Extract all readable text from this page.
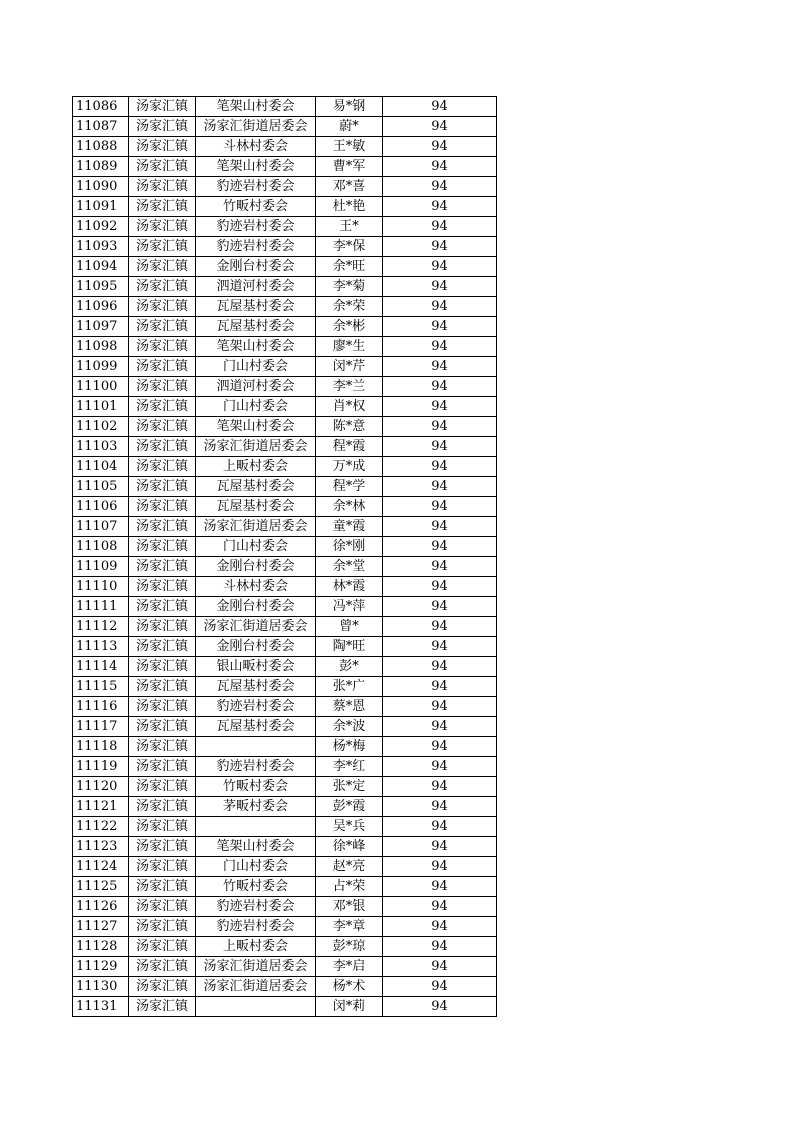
11086	汤家汇镇	笔架山村委会	易*钢	94
11087	汤家汇镇	汤家汇街道居委会	蔚*	94
11088	汤家汇镇	斗林村委会	王*敏	94
11089	汤家汇镇	笔架山村委会	曹*军	94
11090	汤家汇镇	豹迹岩村委会	邓*喜	94
11091	汤家汇镇	竹畈村委会	杜*艳	94
11092	汤家汇镇	豹迹岩村委会	王*	94
11093	汤家汇镇	豹迹岩村委会	李*保	94
11094	汤家汇镇	金刚台村委会	余*旺	94
11095	汤家汇镇	泗道河村委会	李*菊	94
11096	汤家汇镇	瓦屋基村委会	余*荣	94
11097	汤家汇镇	瓦屋基村委会	余*彬	94
11098	汤家汇镇	笔架山村委会	廖*生	94
11099	汤家汇镇	门山村委会	闵*芹	94
11100	汤家汇镇	泗道河村委会	李*兰	94
11101	汤家汇镇	门山村委会	肖*权	94
11102	汤家汇镇	笔架山村委会	陈*意	94
11103	汤家汇镇	汤家汇街道居委会	程*霞	94
11104	汤家汇镇	上畈村委会	万*成	94
11105	汤家汇镇	瓦屋基村委会	程*学	94
11106	汤家汇镇	瓦屋基村委会	余*林	94
11107	汤家汇镇	汤家汇街道居委会	童*霞	94
11108	汤家汇镇	门山村委会	徐*刚	94
11109	汤家汇镇	金刚台村委会	余*堂	94
11110	汤家汇镇	斗林村委会	林*霞	94
11111	汤家汇镇	金刚台村委会	冯*萍	94
11112	汤家汇镇	汤家汇街道居委会	曾*	94
11113	汤家汇镇	金刚台村委会	陶*旺	94
11114	汤家汇镇	银山畈村委会	彭*	94
11115	汤家汇镇	瓦屋基村委会	张*广	94
11116	汤家汇镇	豹迹岩村委会	蔡*恩	94
11117	汤家汇镇	瓦屋基村委会	余*波	94
11118	汤家汇镇		杨*梅	94
11119	汤家汇镇	豹迹岩村委会	李*红	94
11120	汤家汇镇	竹畈村委会	张*定	94
11121	汤家汇镇	茅畈村委会	彭*霞	94
11122	汤家汇镇		吴*兵	94
11123	汤家汇镇	笔架山村委会	徐*峰	94
11124	汤家汇镇	门山村委会	赵*亮	94
11125	汤家汇镇	竹畈村委会	占*荣	94
11126	汤家汇镇	豹迹岩村委会	邓*银	94
11127	汤家汇镇	豹迹岩村委会	李*章	94
11128	汤家汇镇	上畈村委会	彭*琼	94
11129	汤家汇镇	汤家汇街道居委会	李*启	94
11130	汤家汇镇	汤家汇街道居委会	杨*术	94
11131	汤家汇镇		闵*莉	94
